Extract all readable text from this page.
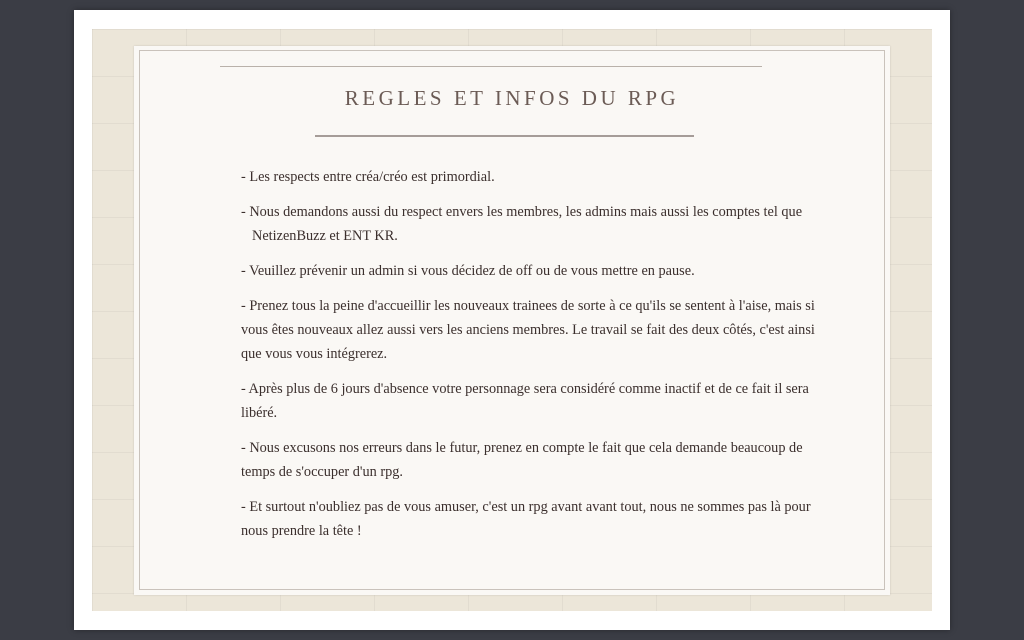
REGLES ET INFOS DU RPG
- Les respects entre créa/créo est primordial.
- Nous demandons aussi du respect envers les membres, les admins mais aussi les comptes tel que NetizenBuzz et ENT KR.
- Veuillez prévenir un admin si vous décidez de off ou de vous mettre en pause.
- Prenez tous la peine d'accueillir les nouveaux trainees de sorte à ce qu'ils se sentent à l'aise, mais si vous êtes nouveaux allez aussi vers les anciens membres. Le travail se fait des deux côtés, c'est ainsi que vous vous intégrerez.
- Après plus de 6 jours d'absence votre personnage sera considéré comme inactif et de ce fait il sera libéré.
- Nous excusons nos erreurs dans le futur, prenez en compte le fait que cela demande beaucoup de temps de s'occuper d'un rpg.
- Et surtout n'oubliez pas de vous amuser, c'est un rpg avant avant tout, nous ne sommes pas là pour nous prendre la tête !
